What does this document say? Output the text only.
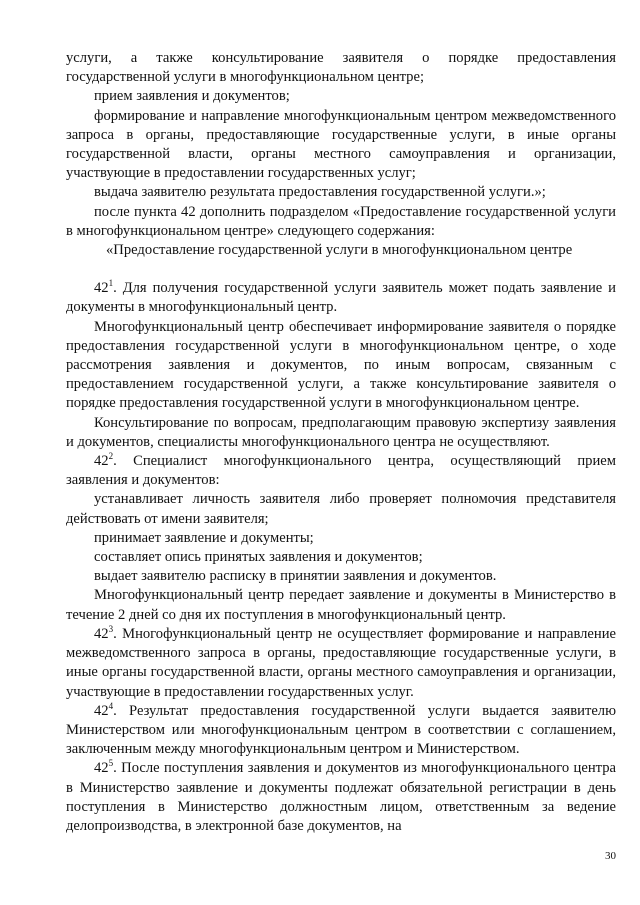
услуги, а также консультирование заявителя о порядке предоставления государственной услуги в многофункциональном центре;

прием заявления и документов;

формирование и направление многофункциональным центром межведомственного запроса в органы, предоставляющие государственные услуги, в иные органы государственной власти, органы местного самоуправления и организации, участвующие в предоставлении государственных услуг;

выдача заявителю результата предоставления государственной услуги.»;

после пункта 42 дополнить подразделом «Предоставление государственной услуги в многофункциональном центре» следующего содержания:

«Предоставление государственной услуги в многофункциональном центре

$42^1$. Для получения государственной услуги заявитель может подать заявление и документы в многофункциональный центр.

Многофункциональный центр обеспечивает информирование заявителя о порядке предоставления государственной услуги в многофункциональном центре, о ходе рассмотрения заявления и документов, по иным вопросам, связанным с предоставлением государственной услуги, а также консультирование заявителя о порядке предоставления государственной услуги в многофункциональном центре.

Консультирование по вопросам, предполагающим правовую экспертизу заявления и документов, специалисты многофункционального центра не осуществляют.

$42^2$. Специалист многофункционального центра, осуществляющий прием заявления и документов:

устанавливает личность заявителя либо проверяет полномочия представителя действовать от имени заявителя;

принимает заявление и документы;

составляет опись принятых заявления и документов;

выдает заявителю расписку в принятии заявления и документов.

Многофункциональный центр передает заявление и документы в Министерство в течение 2 дней со дня их поступления в многофункциональный центр.

$42^3$. Многофункциональный центр не осуществляет формирование и направление межведомственного запроса в органы, предоставляющие государственные услуги, в иные органы государственной власти, органы местного самоуправления и организации, участвующие в предоставлении государственных услуг.

$42^4$. Результат предоставления государственной услуги выдается заявителю Министерством или многофункциональным центром в соответствии с соглашением, заключенным между многофункциональным центром и Министерством.

$42^5$. После поступления заявления и документов из многофункционального центра в Министерство заявление и документы подлежат обязательной регистрации в день поступления в Министерство должностным лицом, ответственным за ведение делопроизводства, в электронной базе документов, на

30
